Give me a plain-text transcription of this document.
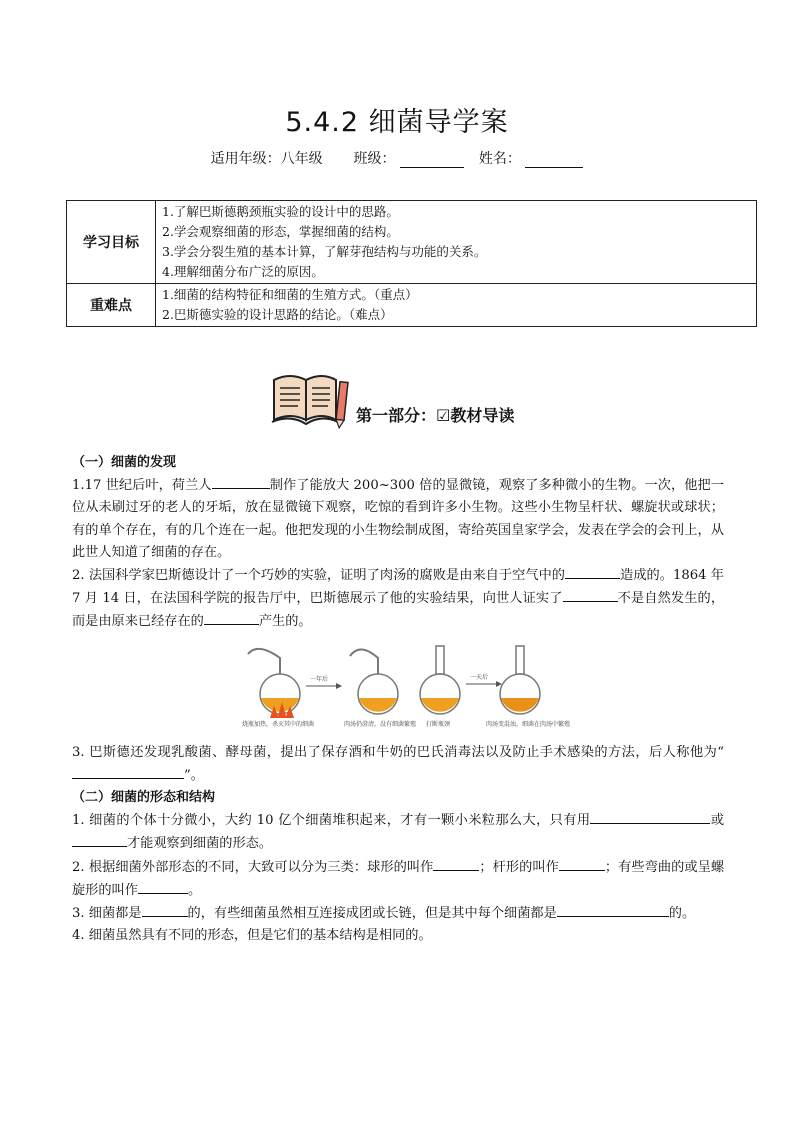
5.4.2 细菌导学案
适用年级：八年级 班级：	姓名：
学习目标	1.了解巴斯德鹅颈瓶实验的设计中的思路。
2.学会观察细菌的形态，掌握细菌的结构。
3.学会分裂生殖的基本计算，了解芽孢结构与功能的关系。
4.理解细菌分布广泛的原因。

重难点	1.细菌的结构特征和细菌的生殖方式。（重点）
2.巴斯德实验的设计思路的结论。（难点）
第一部分：☑教材导读
（一）细菌的发现
1.17 世纪后叶，荷兰人	制作了能放大 200~300 倍的显微镜，观察了多种微小的生物。一次，他把一位从未刷过牙的老人的牙垢，放在显微镜下观察，吃惊的看到许多小生物。这些小生物呈杆状、螺旋状或球状；有的单个存在，有的几个连在一起。他把发现的小生物绘制成图，寄给英国皇家学会，发表在学会的会刊上，从此世人知道了细菌的存在。
2. 法国科学家巴斯德设计了一个巧妙的实验，证明了肉汤的腐败是由来自于空气中的	造成的。1864 年 7 月 14 日，在法国科学院的报告厅中，巴斯德展示了他的实验结果，向世人证实了	不是自然发生的，而是由原来已经存在的	产生的。
一年后	一天后
烧瓶加热，杀灭其中的细菌	肉汤仍澄清，没有细菌繁殖 打断瓶颈	肉汤变混浊，细菌在肉汤中繁殖
3. 巴斯德还发现乳酸菌、酵母菌，提出了保存酒和牛奶的巴氏消毒法以及防止手术感染的方法，后人称他为“”。
（二）细菌的形态和结构
1. 细菌的个体十分微小，大约 10 亿个细菌堆积起来，才有一颗小米粒那么大，只有用	或才能观察到细菌的形态。
2. 根据细菌外部形态的不同，大致可以分为三类：球形的叫作	；杆形的叫作	；有些弯曲的或呈螺旋形的叫作	。
3. 细菌都是	的，有些细菌虽然相互连接成团或长链，但是其中每个细菌都是	的。
4. 细菌虽然具有不同的形态，但是它们的基本结构是相同的。
